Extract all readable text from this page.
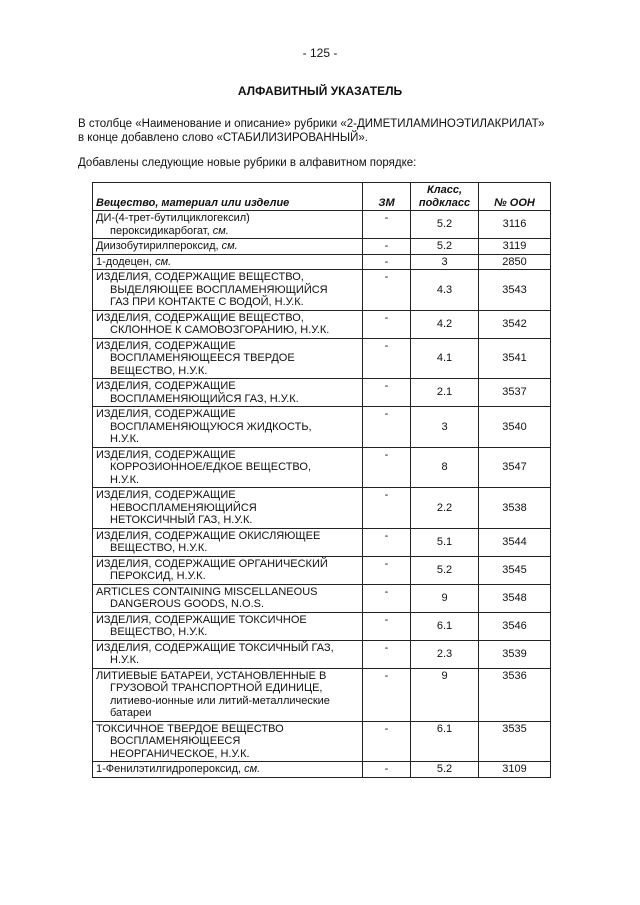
- 125 -
АЛФАВИТНЫЙ УКАЗАТЕЛЬ
В столбце «Наименование и описание» рубрики «2-ДИМЕТИЛАМИНОЭТИЛАКРИЛАТ»
в конце добавлено слово «СТАБИЛИЗИРОВАННЫЙ».
Добавлены следующие новые рубрики в алфавитном порядке:
Вещество, материал или изделие	ЗМ	Класс,
подкласс	№ ООН
ДИ-(4-трет-бутилциклогексил)
пероксидикарбогат, см.	-	5.2	3116
Диизобутирилпероксид, см.	-	5.2	3119
1-додецен, см.	-	3	2850
ИЗДЕЛИЯ, СОДЕРЖАЩИЕ ВЕЩЕСТВО,

ВЫДЕЛЯЮЩЕЕ ВОСПЛАМЕНЯЮЩИЙСЯ
ГАЗ ПРИ КОНТАКТЕ С ВОДОЙ, Н.У.К.	-	4.3	3543
ИЗДЕЛИЯ, СОДЕРЖАЩИЕ ВЕЩЕСТВО,

СКЛОННОЕ К САМОВОЗГОРАНИЮ, Н.У.К.	-	4.2	3542
ИЗДЕЛИЯ, СОДЕРЖАЩИЕ

ВОСПЛАМЕНЯЮЩЕЕСЯ ТВЕРДОЕ
ВЕЩЕСТВО, Н.У.К.	-	4.1	3541
ИЗДЕЛИЯ, СОДЕРЖАЩИЕ

ВОСПЛАМЕНЯЮЩИЙСЯ ГАЗ, Н.У.К.	-	2.1	3537
ИЗДЕЛИЯ, СОДЕРЖАЩИЕ

ВОСПЛАМЕНЯЮЩУЮСЯ ЖИДКОСТЬ,
Н.У.К.	-	3	3540
ИЗДЕЛИЯ, СОДЕРЖАЩИЕ

КОРРОЗИОННОЕ/ЕДКОЕ ВЕЩЕСТВО,
Н.У.К.	-	8	3547
ИЗДЕЛИЯ, СОДЕРЖАЩИЕ

НЕВОСПЛАМЕНЯЮЩИЙСЯ
НЕТОКСИЧНЫЙ ГАЗ, Н.У.К.	-	2.2	3538
ИЗДЕЛИЯ, СОДЕРЖАЩИЕ ОКИСЛЯЮЩЕЕ

ВЕЩЕСТВО, Н.У.К.	-	5.1	3544
ИЗДЕЛИЯ, СОДЕРЖАЩИЕ ОРГАНИЧЕСКИЙ

ПЕРОКСИД, Н.У.К.	-	5.2	3545
ARTICLES CONTAINING MISCELLANEOUS

DANGEROUS GOODS, N.O.S.	-	9	3548
ИЗДЕЛИЯ, СОДЕРЖАЩИЕ ТОКСИЧНОЕ

ВЕЩЕСТВО, Н.У.К.	-	6.1	3546
ИЗДЕЛИЯ, СОДЕРЖАЩИЕ ТОКСИЧНЫЙ ГАЗ,

Н.У.К.	-	2.3	3539
ЛИТИЕВЫЕ БАТАРЕИ, УСТАНОВЛЕННЫЕ В

ГРУЗОВОЙ ТРАНСПОРТНОЙ ЕДИНИЦЕ,
литиево-ионные или литий-металлические
батареи	-	9	3536
ТОКСИЧНОЕ ТВЕРДОЕ ВЕЩЕСТВО

ВОСПЛАМЕНЯЮЩЕЕСЯ
НЕОРГАНИЧЕСКОЕ, Н.У.К.	-	6.1	3535
1-Фенилэтилгидропероксид, см.	-	5.2	3109
